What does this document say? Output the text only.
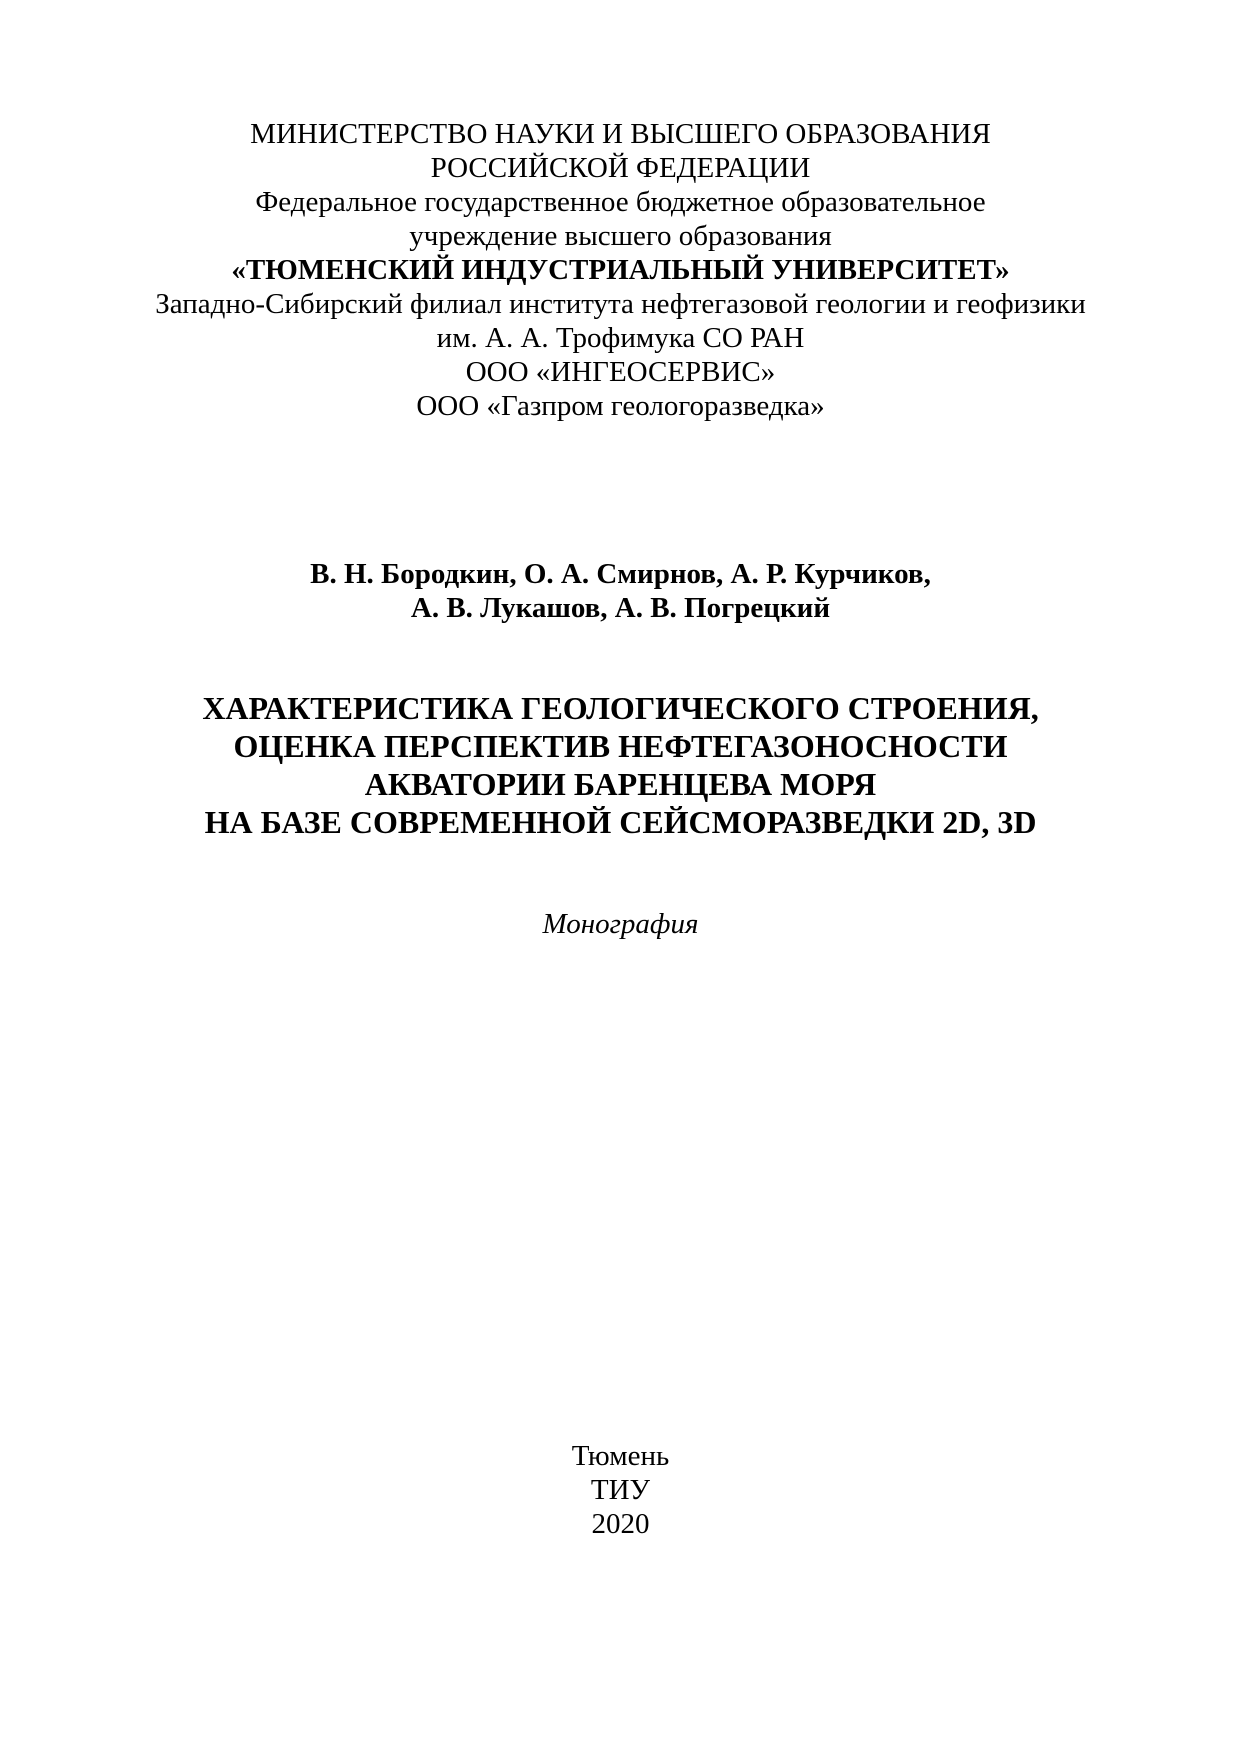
МИНИСТЕРСТВО НАУКИ И ВЫСШЕГО ОБРАЗОВАНИЯ
РОССИЙСКОЙ ФЕДЕРАЦИИ
Федеральное государственное бюджетное образовательное
учреждение высшего образования
«ТЮМЕНСКИЙ ИНДУСТРИАЛЬНЫЙ УНИВЕРСИТЕТ»
Западно-Сибирский филиал института нефтегазовой геологии и геофизики
им. А. А. Трофимука СО РАН
ООО «ИНГЕОСЕРВИС»
ООО «Газпром геологоразведка»
В. Н. Бородкин, О. А. Смирнов, А. Р. Курчиков,
А. В. Лукашов, А. В. Погрецкий
ХАРАКТЕРИСТИКА ГЕОЛОГИЧЕСКОГО СТРОЕНИЯ,
ОЦЕНКА ПЕРСПЕКТИВ НЕФТЕГАЗОНОСНОСТИ
АКВАТОРИИ БАРЕНЦЕВА МОРЯ
НА БАЗЕ СОВРЕМЕННОЙ СЕЙСМОРАЗВЕДКИ 2D, 3D
Монография
Тюмень
ТИУ
2020
